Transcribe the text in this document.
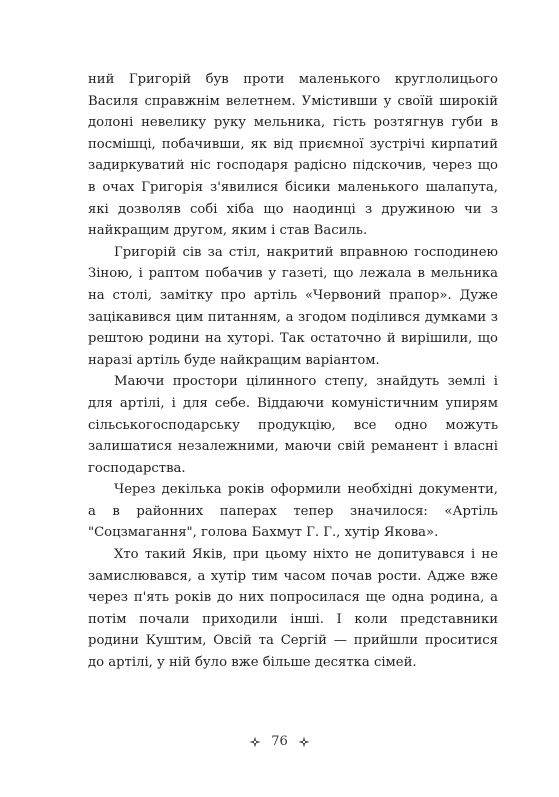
ний Григорій був проти маленького круглолицього Василя справжнім велетнем. Умістивши у своїй широкій долоні невелику руку мельника, гість розтягнув губи в посмішці, побачивши, як від приємної зустрічі кирпатий задиркуватий ніс господаря радісно підскочив, через що в очах Григорія з'явилися бісики маленького шалапута, які дозволяв собі хіба що наодинці з дружиною чи з найкращим другом, яким і став Василь.

Григорій сів за стіл, накритий вправною господинею Зіною, і раптом побачив у газеті, що лежала в мельника на столі, замітку про артіль «Червоний прапор». Дуже зацікавився цим питанням, а згодом поділився думками з рештою родини на хуторі. Так остаточно й вирішили, що наразі артіль буде найкращим варіантом.

Маючи простори цілинного степу, знайдуть землі і для артілі, і для себе. Віддаючи комуністичним упирям сільськогосподарську продукцію, все одно можуть залишатися незалежними, маючи свій реманент і власні господарства.

Через декілька років оформили необхідні документи, а в районних паперах тепер значилося: «Артіль "Соцзмагання", голова Бахмут Г. Г., хутір Якова».

Хто такий Яків, при цьому ніхто не допитувався і не замислювався, а хутір тим часом почав рости. Адже вже через п'ять років до них попросилася ще одна родина, а потім почали приходили інші. І коли представники родини Куштим, Овсій та Сергій — прийшли проситися до артілі, у ній було вже більше десятка сімей.

76
